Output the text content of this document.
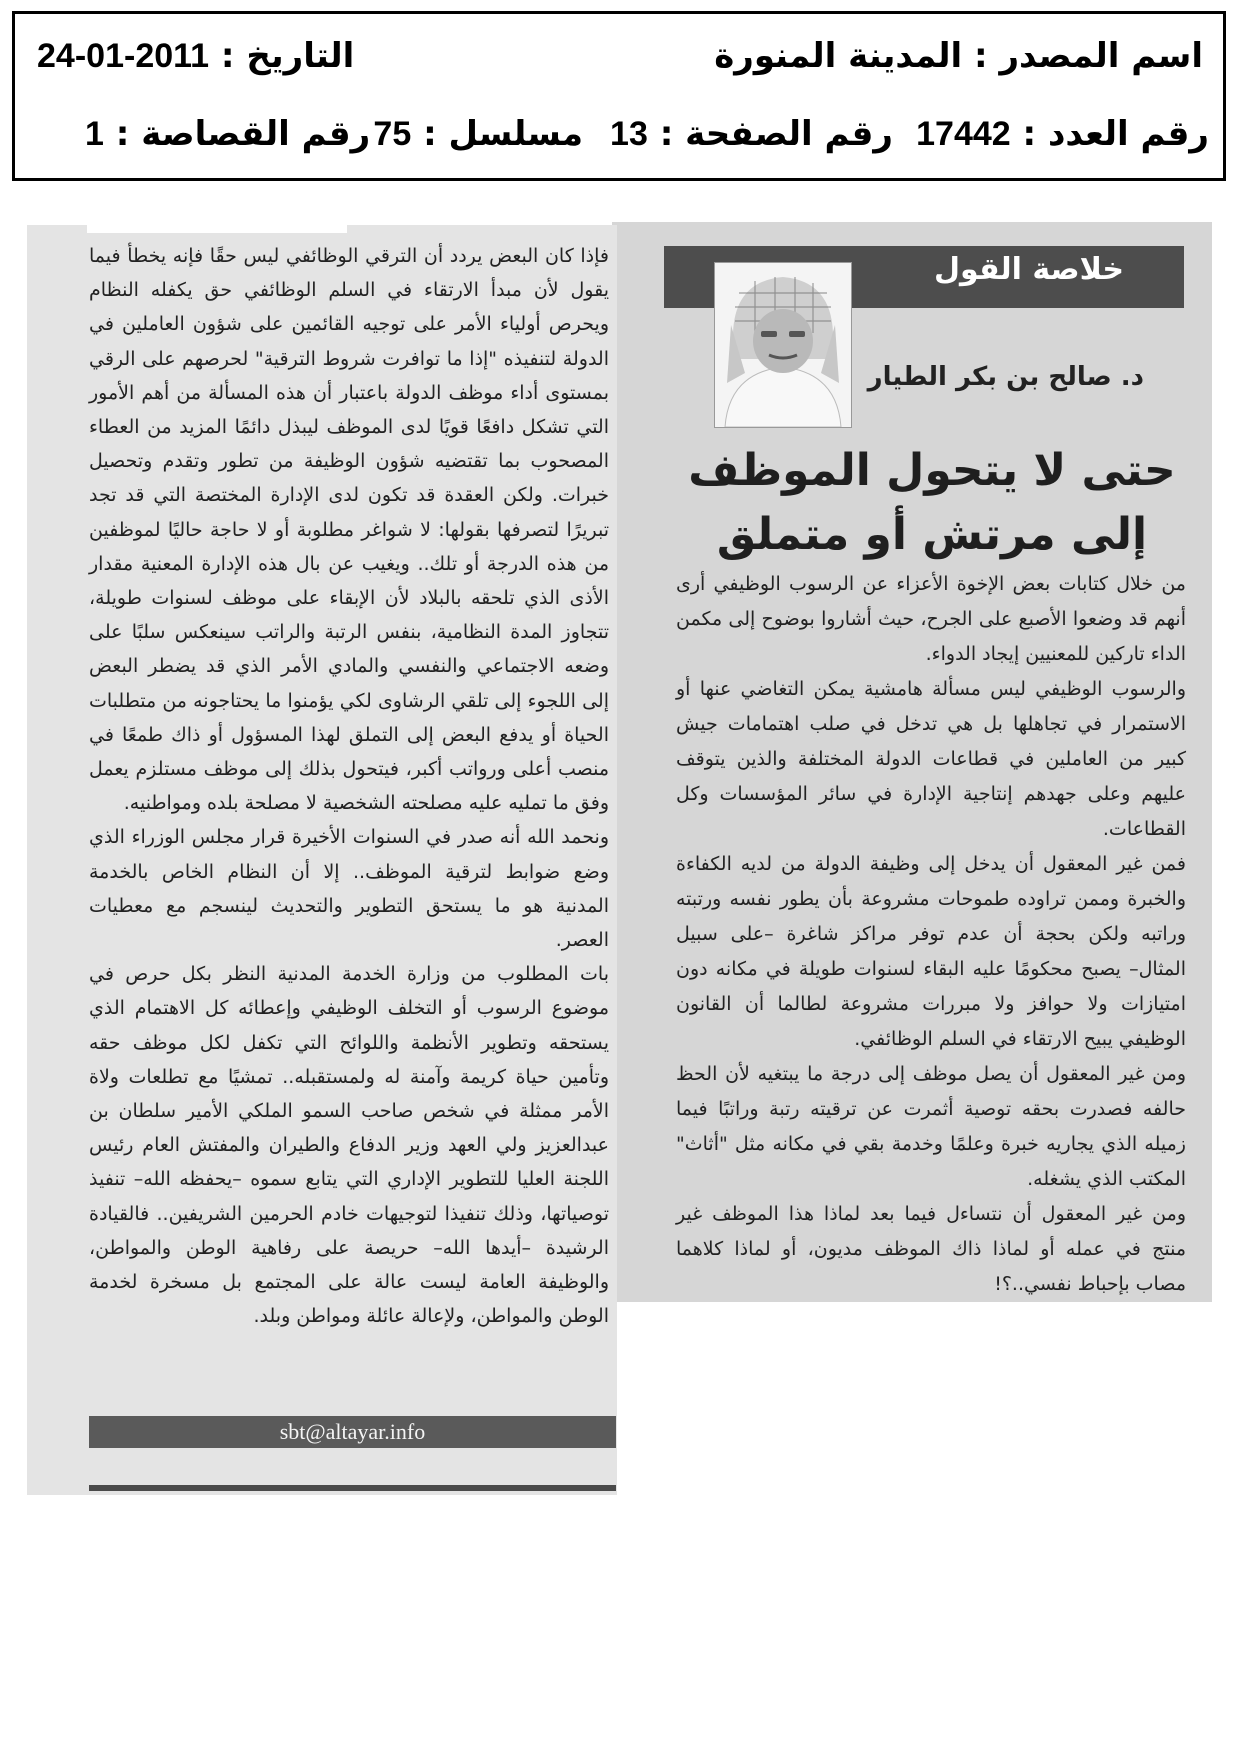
اسم المصدر : المدينة المنورة
التاريخ : 2011-01-24
رقم العدد : 17442
رقم الصفحة : 13
مسلسل : 75
رقم القصاصة : 1
خلاصة القول
د. صالح بن بكر الطيار
حتى لا يتحول الموظف
إلى مرتش أو متملق

من خلال كتابات بعض الإخوة الأعزاء عن الرسوب الوظيفي أرى أنهم قد وضعوا الأصبع على الجرح، حيث أشاروا بوضوح إلى مكمن الداء تاركين للمعنيين إيجاد الدواء.

والرسوب الوظيفي ليس مسألة هامشية يمكن التغاضي عنها أو الاستمرار في تجاهلها بل هي تدخل في صلب اهتمامات جيش كبير من العاملين في قطاعات الدولة المختلفة والذين يتوقف عليهم وعلى جهدهم إنتاجية الإدارة في سائر المؤسسات وكل القطاعات.

فمن غير المعقول أن يدخل إلى وظيفة الدولة من لديه الكفاءة والخبرة وممن تراوده طموحات مشروعة بأن يطور نفسه ورتبته وراتبه ولكن بحجة أن عدم توفر مراكز شاغرة –على سبيل المثال– يصبح محكومًا عليه البقاء لسنوات طويلة في مكانه دون امتيازات ولا حوافز ولا مبررات مشروعة لطالما أن القانون الوظيفي يبيح الارتقاء في السلم الوظائفي.

ومن غير المعقول أن يصل موظف إلى درجة ما يبتغيه لأن الحظ حالفه فصدرت بحقه توصية أثمرت عن ترقيته رتبة وراتبًا فيما زميله الذي يجاريه خبرة وعلمًا وخدمة بقي في مكانه مثل "أثاث" المكتب الذي يشغله.

ومن غير المعقول أن نتساءل فيما بعد لماذا هذا الموظف غير منتج في عمله أو لماذا ذاك الموظف مديون، أو لماذا كلاهما مصاب بإحباط نفسي..؟!

فإذا كان البعض يردد أن الترقي الوظائفي ليس حقًا فإنه يخطأ فيما يقول لأن مبدأ الارتقاء في السلم الوظائفي حق يكفله النظام ويحرص أولياء الأمر على توجيه القائمين على شؤون العاملين في الدولة لتنفيذه "إذا ما توافرت شروط الترقية" لحرصهم على الرقي بمستوى أداء موظف الدولة باعتبار أن هذه المسألة من أهم الأمور التي تشكل دافعًا قويًا لدى الموظف ليبذل دائمًا المزيد من العطاء المصحوب بما تقتضيه شؤون الوظيفة من تطور وتقدم وتحصيل خبرات. ولكن العقدة قد تكون لدى الإدارة المختصة التي قد تجد تبريرًا لتصرفها بقولها: لا شواغر مطلوبة أو لا حاجة حاليًا لموظفين من هذه الدرجة أو تلك.. ويغيب عن بال هذه الإدارة المعنية مقدار الأذى الذي تلحقه بالبلاد لأن الإبقاء على موظف لسنوات طويلة، تتجاوز المدة النظامية، بنفس الرتبة والراتب سينعكس سلبًا على وضعه الاجتماعي والنفسي والمادي الأمر الذي قد يضطر البعض إلى اللجوء إلى تلقي الرشاوى لكي يؤمنوا ما يحتاجونه من متطلبات الحياة أو يدفع البعض إلى التملق لهذا المسؤول أو ذاك طمعًا في منصب أعلى ورواتب أكبر، فيتحول بذلك إلى موظف مستلزم يعمل وفق ما تمليه عليه مصلحته الشخصية لا مصلحة بلده ومواطنيه.

ونحمد الله أنه صدر في السنوات الأخيرة قرار مجلس الوزراء الذي وضع ضوابط لترقية الموظف.. إلا أن النظام الخاص بالخدمة المدنية هو ما يستحق التطوير والتحديث لينسجم مع معطيات العصر.

بات المطلوب من وزارة الخدمة المدنية النظر بكل حرص في موضوع الرسوب أو التخلف الوظيفي وإعطائه كل الاهتمام الذي يستحقه وتطوير الأنظمة واللوائح التي تكفل لكل موظف حقه وتأمين حياة كريمة وآمنة له ولمستقبله.. تمشيًا مع تطلعات ولاة الأمر ممثلة في شخص صاحب السمو الملكي الأمير سلطان بن عبدالعزيز ولي العهد وزير الدفاع والطيران والمفتش العام رئيس اللجنة العليا للتطوير الإداري التي يتابع سموه –يحفظه الله– تنفيذ توصياتها، وذلك تنفيذا لتوجيهات خادم الحرمين الشريفين.. فالقيادة الرشيدة –أيدها الله– حريصة على رفاهية الوطن والمواطن، والوظيفة العامة ليست عالة على المجتمع بل مسخرة لخدمة الوطن والمواطن، ولإعالة عائلة ومواطن وبلد.

sbt@altayar.info
